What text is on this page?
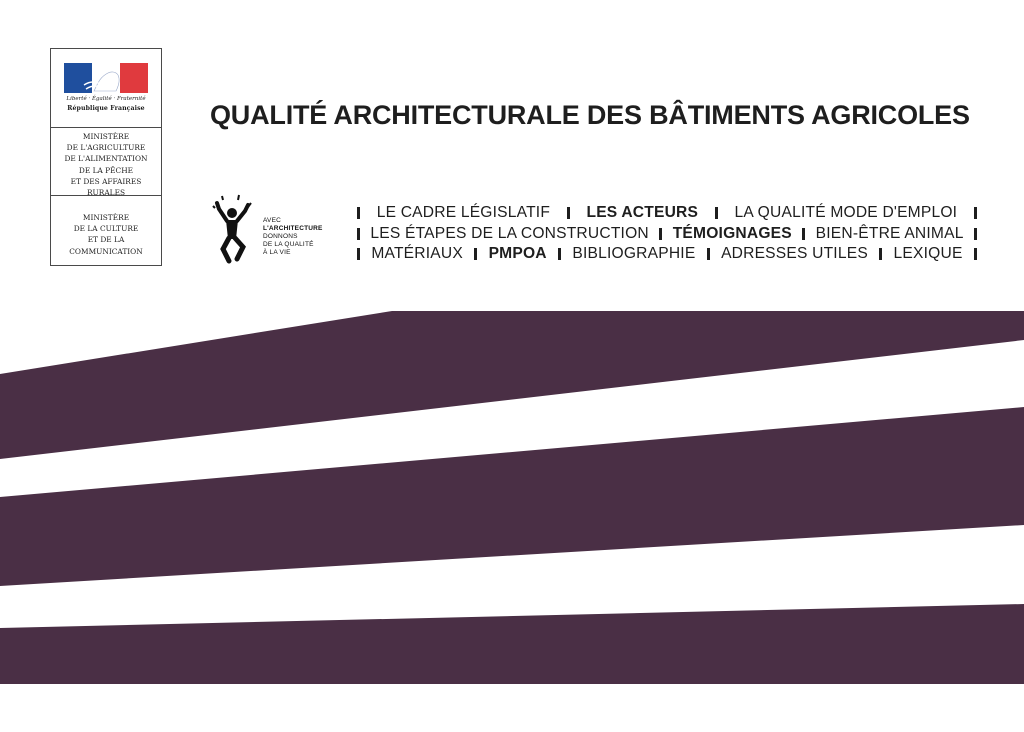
Liberté · Égalité · Fraternité
République Française
MINISTÈRE
DE L'AGRICULTURE
DE L'ALIMENTATION
DE LA PÊCHE
ET DES AFFAIRES RURALES
MINISTÈRE
DE LA CULTURE
ET DE LA COMMUNICATION
QUALITÉ ARCHITECTURALE DES BÂTIMENTS AGRICOLES
AVEC
L'ARCHITECTURE
DONNONS
DE LA QUALITÉ
À LA VIE
LE CADRE LÉGISLATIF LES ACTEURS LA QUALITÉ MODE D'EMPLOI
LES ÉTAPES DE LA CONSTRUCTION TÉMOIGNAGES BIEN-ÊTRE ANIMAL
MATÉRIAUX PMPOA BIBLIOGRAPHIE ADRESSES UTILES LEXIQUE
